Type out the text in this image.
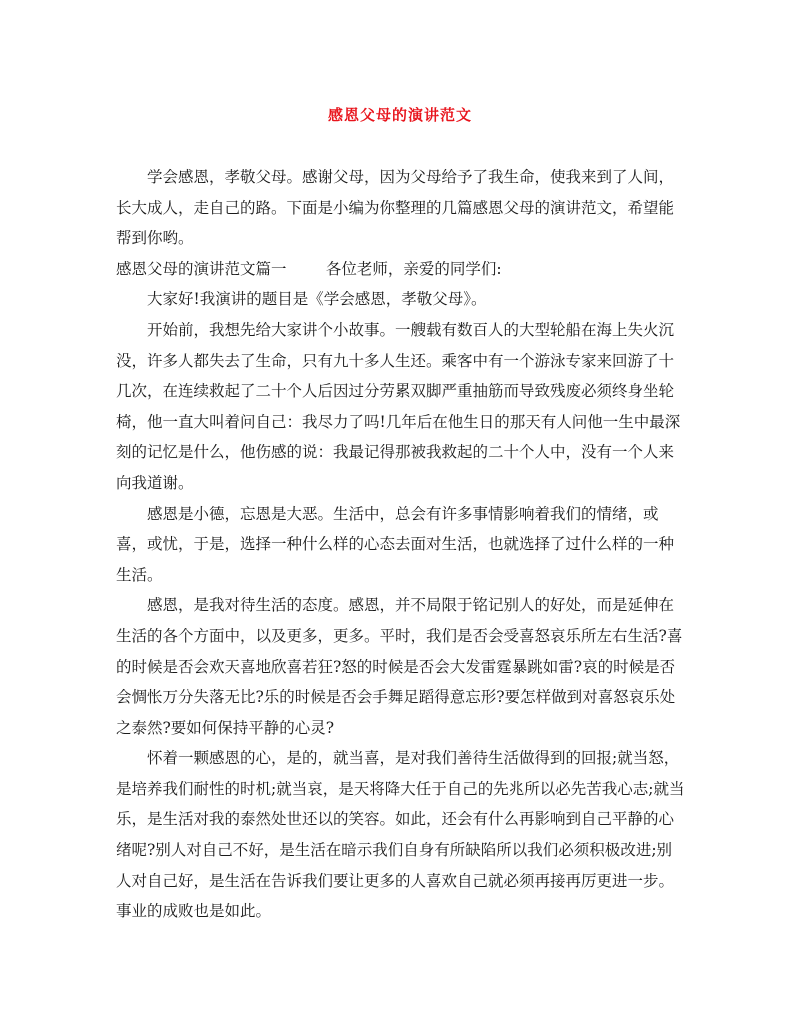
感恩父母的演讲范文

学会感恩，孝敬父母。感谢父母，因为父母给予了我生命，使我来到了人间，长大成人，走自己的路。下面是小编为你整理的几篇感恩父母的演讲范文，希望能帮到你哟。

感恩父母的演讲范文篇一        各位老师，亲爱的同学们:

大家好!我演讲的题目是《学会感恩，孝敬父母》。

开始前，我想先给大家讲个小故事。一艘载有数百人的大型轮船在海上失火沉没，许多人都失去了生命，只有九十多人生还。乘客中有一个游泳专家来回游了十几次，在连续救起了二十个人后因过分劳累双脚严重抽筋而导致残废必须终身坐轮椅，他一直大叫着问自己：我尽力了吗!几年后在他生日的那天有人问他一生中最深刻的记忆是什么，他伤感的说：我最记得那被我救起的二十个人中，没有一个人来向我道谢。

感恩是小德，忘恩是大恶。生活中，总会有许多事情影响着我们的情绪，或喜，或忧，于是，选择一种什么样的心态去面对生活，也就选择了过什么样的一种生活。

感恩，是我对待生活的态度。感恩，并不局限于铭记别人的好处，而是延伸在生活的各个方面中，以及更多，更多。平时，我们是否会受喜怒哀乐所左右生活?喜的时候是否会欢天喜地欣喜若狂?怒的时候是否会大发雷霆暴跳如雷?哀的时候是否会惆怅万分失落无比?乐的时候是否会手舞足蹈得意忘形?要怎样做到对喜怒哀乐处之泰然?要如何保持平静的心灵?

怀着一颗感恩的心，是的，就当喜，是对我们善待生活做得到的回报;就当怒，是培养我们耐性的时机;就当哀，是天将降大任于自己的先兆所以必先苦我心志;就当乐，是生活对我的泰然处世还以的笑容。如此，还会有什么再影响到自己平静的心绪呢?别人对自己不好，是生活在暗示我们自身有所缺陷所以我们必须积极改进;别人对自己好，是生活在告诉我们要让更多的人喜欢自己就必须再接再厉更进一步。事业的成败也是如此。
